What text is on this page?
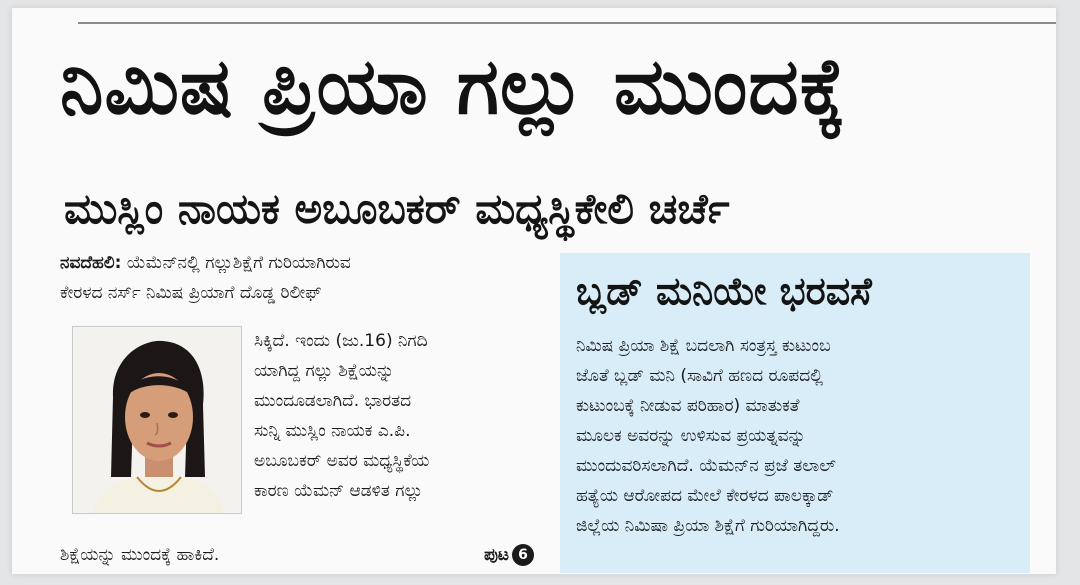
ನಿಮಿಷ ಪ್ರಿಯಾ ಗಲ್ಲು ಮುಂದಕ್ಕೆ
ಮುಸ್ಲಿಂ ನಾಯಕ ಅಬೂಬಕರ್ ಮಧ್ಯಸ್ಥಿಕೇಲಿ ಚರ್ಚೆ
ನವದೆಹಲಿ: ಯೆಮೆನ್‌ನಲ್ಲಿ ಗಲ್ಲುಶಿಕ್ಷೆಗೆ ಗುರಿಯಾಗಿರುವ
ಕೇರಳದ ನರ್ಸ್‌ ನಿಮಿಷ ಪ್ರಿಯಾಗೆ ದೊಡ್ಡ ರಿಲೀಫ್
ಸಿಕ್ಕಿದೆ. ಇಂದು (ಜು.16) ನಿಗದಿ
ಯಾಗಿದ್ದ ಗಲ್ಲು ಶಿಕ್ಷೆಯನ್ನು
ಮುಂದೂಡಲಾಗಿದೆ. ಭಾರತದ
ಸುನ್ನಿ ಮುಸ್ಲಿಂ ನಾಯಕ ಎ.ಪಿ.
ಅಬೂಬಕರ್ ಅವರ ಮಧ್ಯಸ್ಥಿಕೆಯ
ಕಾರಣ ಯೆಮನ್ ಆಡಳಿತ ಗಲ್ಲು
ಶಿಕ್ಷೆಯನ್ನು ಮುಂದಕ್ಕೆ ಹಾಕಿದೆ.	ಪುಟ 6
ಬ್ಲಡ್ ಮನಿಯೇ ಭರವಸೆ
ನಿಮಿಷ ಪ್ರಿಯಾ ಶಿಕ್ಷೆ ಬದಲಾಗಿ ಸಂತ್ರಸ್ತ ಕುಟುಂಬ
ಜೊತೆ ಬ್ಲಡ್ ಮನಿ (ಸಾವಿಗೆ ಹಣದ ರೂಪದಲ್ಲಿ
ಕುಟುಂಬಕ್ಕೆ ನೀಡುವ ಪರಿಹಾರ) ಮಾತುಕತೆ
ಮೂಲಕ ಅವರನ್ನು ಉಳಿಸುವ ಪ್ರಯತ್ನವನ್ನು
ಮುಂದುವರಿಸಲಾಗಿದೆ. ಯೆಮನ್‌ನ ಪ್ರಜೆ ತಲಾಲ್
ಹತ್ಯೆಯ ಆರೋಪದ ಮೇಲೆ ಕೇರಳದ ಪಾಲಕ್ಕಾಡ್
ಜಿಲ್ಲೆಯ ನಿಮಿಷಾ ಪ್ರಿಯಾ ಶಿಕ್ಷೆಗೆ ಗುರಿಯಾಗಿದ್ದರು.
